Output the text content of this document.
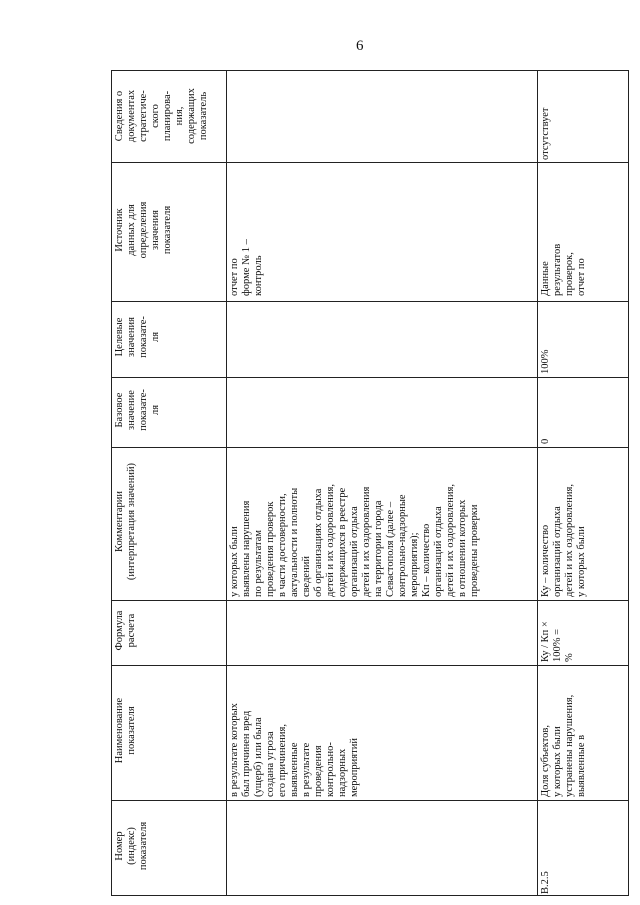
6
Сведения о документах стратегиче- ского планирова- ния, содержащих показатель
Источник данных для определения значения показателя
Целевые значения показате- ля
Базовое значение показате- ля
Комментарии (интерпретация значений)
Формула расчета
Наименование показателя
Номер (индекс) показателя
отчет по форме № 1 – контроль
у которых были выявлены нарушения по результатам проведения проверок в части достоверности, актуальности и полноты сведений об организациях отдыха детей и их оздоровления, содержащихся в реестре организаций отдыха детей и их оздоровления на территории города Севастополя (далее – контрольно-надзорные мероприятия); Кп – количество организаций отдыха детей и их оздоровления, в отношении которых проведены проверки
в результате которых был причинен вред (ущерб) или была создана угроза его причинения, выявленные в результате проведения контрольно- надзорных мероприятий
отсутствует
Данные результатов проверок, отчет по
100%
0
Ку – количество организаций отдыха детей и их оздоровления, у которых были
Ку / Кп × 100% = %
Доля субъектов, у которых были устранены нарушения, выявленные в
В.2.5
